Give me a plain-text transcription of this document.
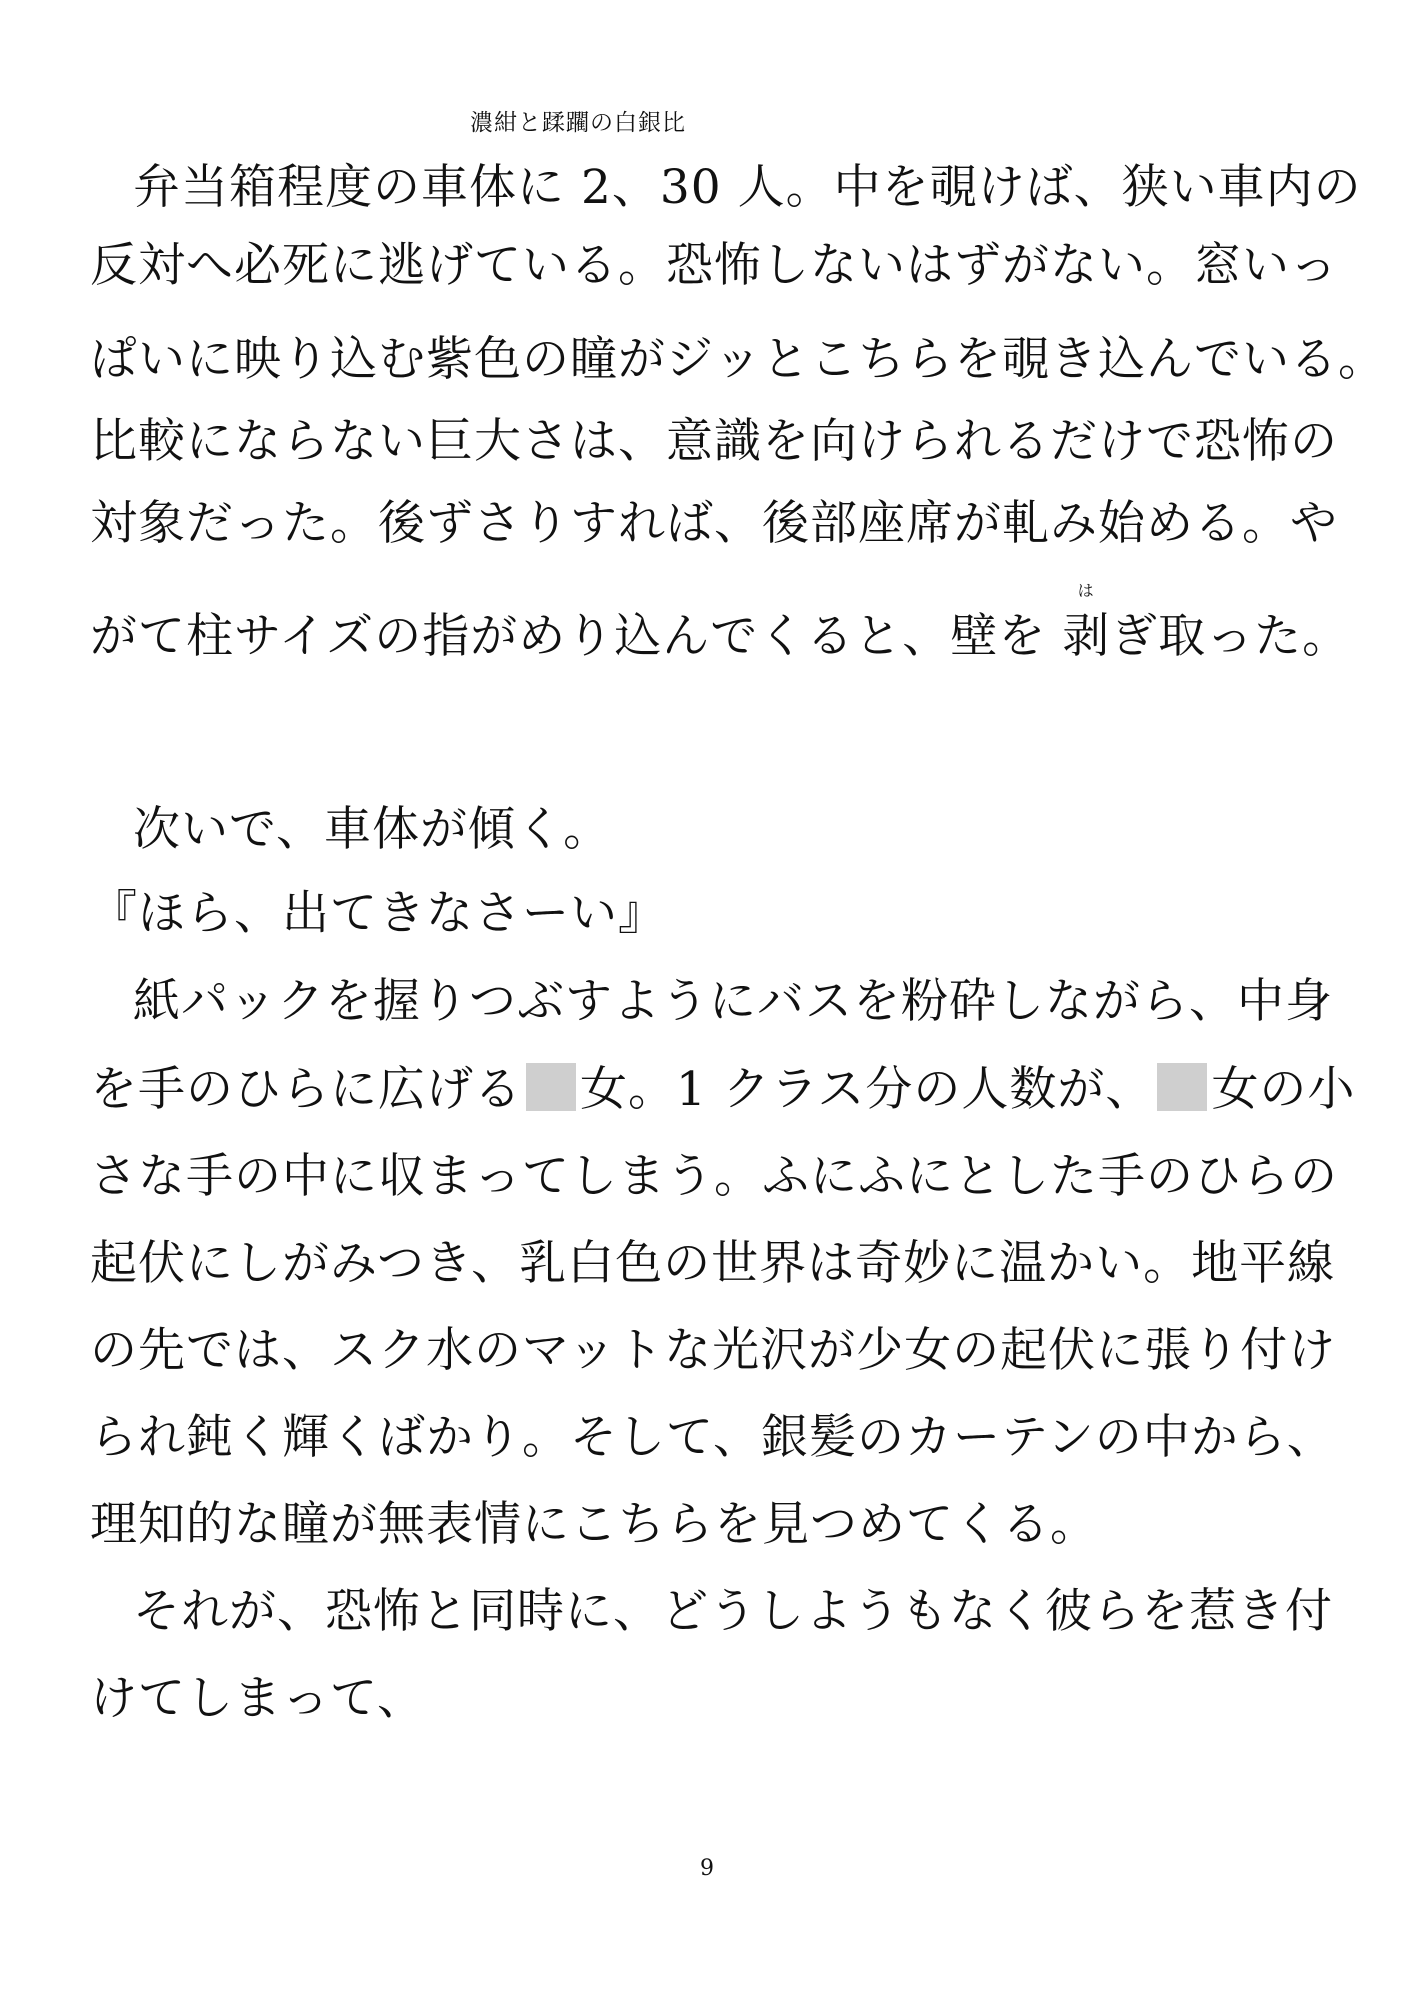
濃紺と蹂躙の白銀比
弁当箱程度の車体に 2、30 人。中を覗けば、狭い車内の
反対へ必死に逃げている。恐怖しないはずがない。窓いっ
ぱいに映り込む紫色の瞳がジッとこちらを覗き込んでいる。
比較にならない巨大さは、意識を向けられるだけで恐怖の
対象だった。後ずさりすれば、後部座席が軋み始める。や
がて柱サイズの指がめり込んでくると、壁を
は
剥ぎ取った。
次いで、車体が傾く。
『ほら、出てきなさーい』
紙パックを握りつぶすようにバスを粉砕しながら、中身
を手のひらに広げる 女。1 クラス分の人数が、 女の小
さな手の中に収まってしまう。ふにふにとした手のひらの
起伏にしがみつき、乳白色の世界は奇妙に温かい。地平線
の先では、スク水のマットな光沢が少女の起伏に張り付け
られ鈍く輝くばかり。そして、銀髪のカーテンの中から、
理知的な瞳が無表情にこちらを見つめてくる。
それが、恐怖と同時に、どうしようもなく彼らを惹き付
けてしまって、
9
